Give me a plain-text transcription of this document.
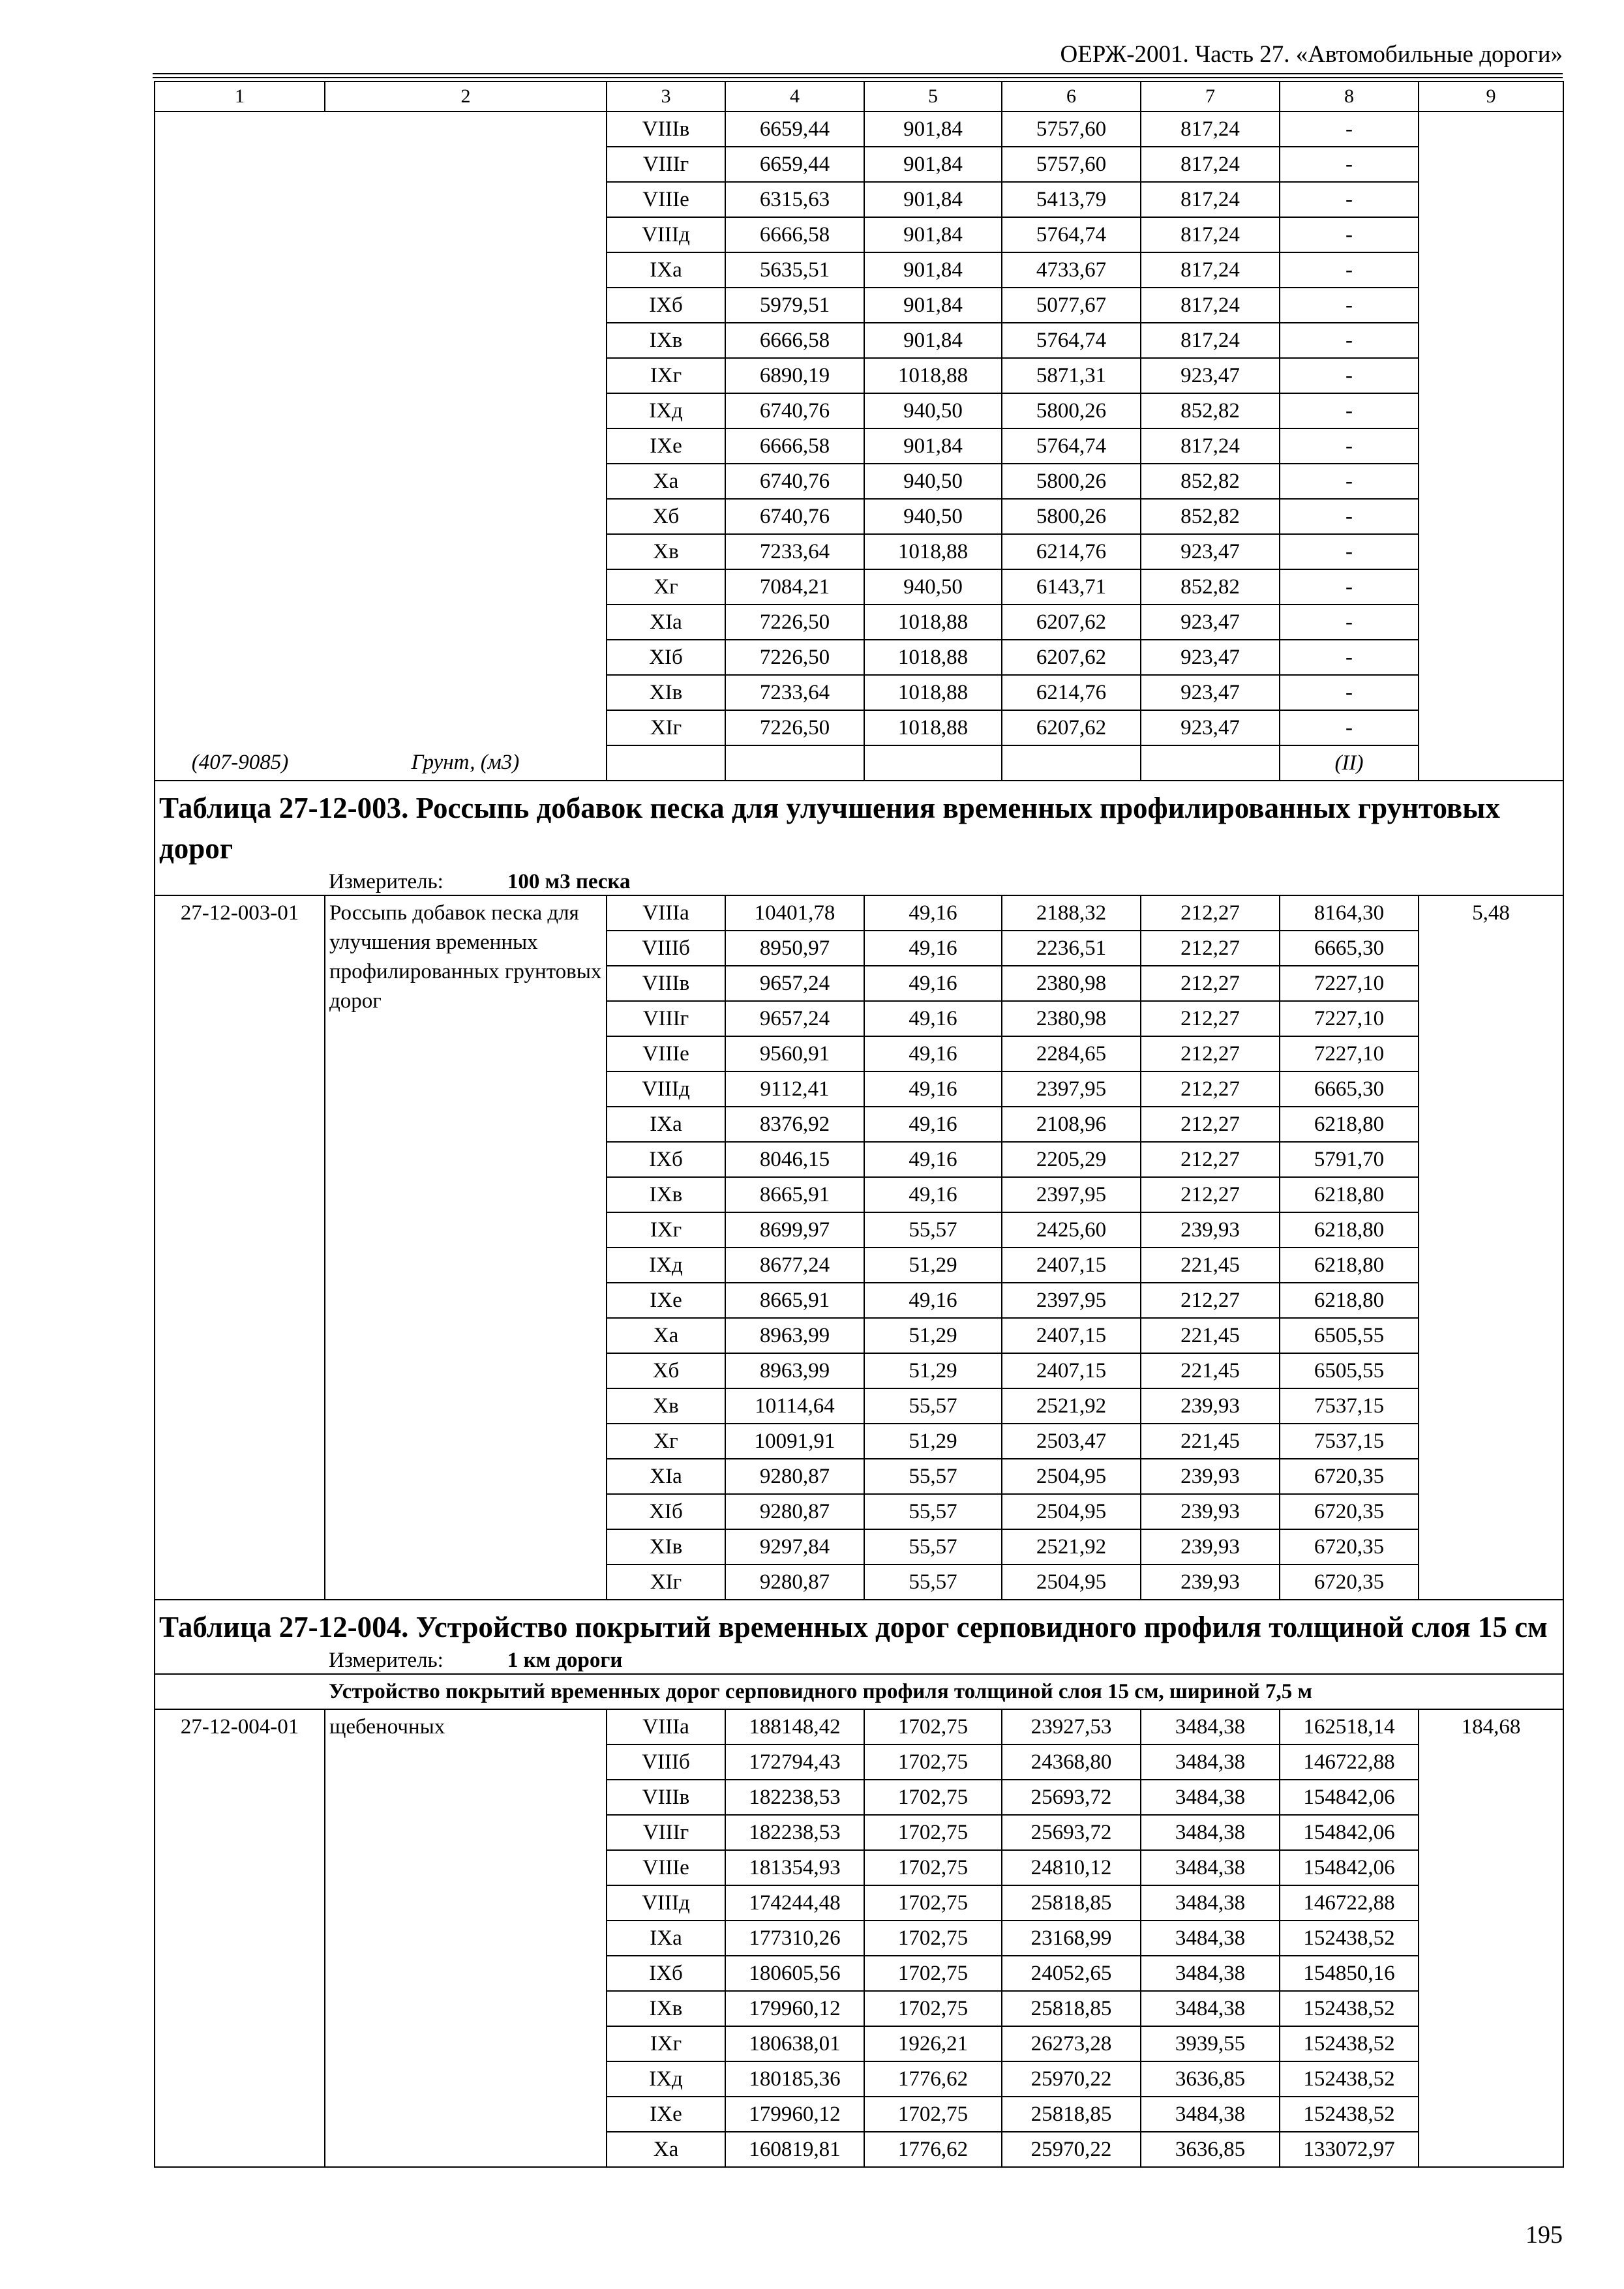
ОЕРЖ-2001. Часть 27. «Автомобильные дороги»
1	2	3	4	5	6	7	8	9
		VIIIв	6659,44	901,84	5757,60	817,24	-	
		VIIIг	6659,44	901,84	5757,60	817,24	-	
		VIIIе	6315,63	901,84	5413,79	817,24	-	
		VIIIд	6666,58	901,84	5764,74	817,24	-	
		IXа	5635,51	901,84	4733,67	817,24	-	
		IXб	5979,51	901,84	5077,67	817,24	-	
		IXв	6666,58	901,84	5764,74	817,24	-	
		IXг	6890,19	1018,88	5871,31	923,47	-	
		IXд	6740,76	940,50	5800,26	852,82	-	
		IXе	6666,58	901,84	5764,74	817,24	-	
		Xа	6740,76	940,50	5800,26	852,82	-	
		Xб	6740,76	940,50	5800,26	852,82	-	
		Xв	7233,64	1018,88	6214,76	923,47	-	
		Xг	7084,21	940,50	6143,71	852,82	-	
		XIа	7226,50	1018,88	6207,62	923,47	-	
		XIб	7226,50	1018,88	6207,62	923,47	-	
		XIв	7233,64	1018,88	6214,76	923,47	-	
		XIг	7226,50	1018,88	6207,62	923,47	-	
(407-9085)	Грунт, (м3)						(II)	
Таблица 27-12-003. Россыпь добавок песка для улучшения временных профилированных грунтовых дорог								
Измеритель: 100 м3 песка								
27-12-003-01	Россыпь добавок песка для улучшения временных профилированных грунтовых дорог	VIIIа	10401,78	49,16	2188,32	212,27	8164,30	5,48
		VIIIб	8950,97	49,16	2236,51	212,27	6665,30	
		VIIIв	9657,24	49,16	2380,98	212,27	7227,10	
		VIIIг	9657,24	49,16	2380,98	212,27	7227,10	
		VIIIе	9560,91	49,16	2284,65	212,27	7227,10	
		VIIIд	9112,41	49,16	2397,95	212,27	6665,30	
		IXа	8376,92	49,16	2108,96	212,27	6218,80	
		IXб	8046,15	49,16	2205,29	212,27	5791,70	
		IXв	8665,91	49,16	2397,95	212,27	6218,80	
		IXг	8699,97	55,57	2425,60	239,93	6218,80	
		IXд	8677,24	51,29	2407,15	221,45	6218,80	
		IXе	8665,91	49,16	2397,95	212,27	6218,80	
		Xа	8963,99	51,29	2407,15	221,45	6505,55	
		Xб	8963,99	51,29	2407,15	221,45	6505,55	
		Xв	10114,64	55,57	2521,92	239,93	7537,15	
		Xг	10091,91	51,29	2503,47	221,45	7537,15	
		XIа	9280,87	55,57	2504,95	239,93	6720,35	
		XIб	9280,87	55,57	2504,95	239,93	6720,35	
		XIв	9297,84	55,57	2521,92	239,93	6720,35	
		XIг	9280,87	55,57	2504,95	239,93	6720,35	
Таблица 27-12-004. Устройство покрытий временных дорог серповидного профиля толщиной слоя 15 см								
Измеритель: 1 км дороги								
Устройство покрытий временных дорог серповидного профиля толщиной слоя 15 см, шириной 7,5 м								
27-12-004-01	щебеночных	VIIIа	188148,42	1702,75	23927,53	3484,38	162518,14	184,68
		VIIIб	172794,43	1702,75	24368,80	3484,38	146722,88	
		VIIIв	182238,53	1702,75	25693,72	3484,38	154842,06	
		VIIIг	182238,53	1702,75	25693,72	3484,38	154842,06	
		VIIIе	181354,93	1702,75	24810,12	3484,38	154842,06	
		VIIIд	174244,48	1702,75	25818,85	3484,38	146722,88	
		IXа	177310,26	1702,75	23168,99	3484,38	152438,52	
		IXб	180605,56	1702,75	24052,65	3484,38	154850,16	
		IXв	179960,12	1702,75	25818,85	3484,38	152438,52	
		IXг	180638,01	1926,21	26273,28	3939,55	152438,52	
		IXд	180185,36	1776,62	25970,22	3636,85	152438,52	
		IXе	179960,12	1702,75	25818,85	3484,38	152438,52	
		Xа	160819,81	1776,62	25970,22	3636,85	133072,97	
195
